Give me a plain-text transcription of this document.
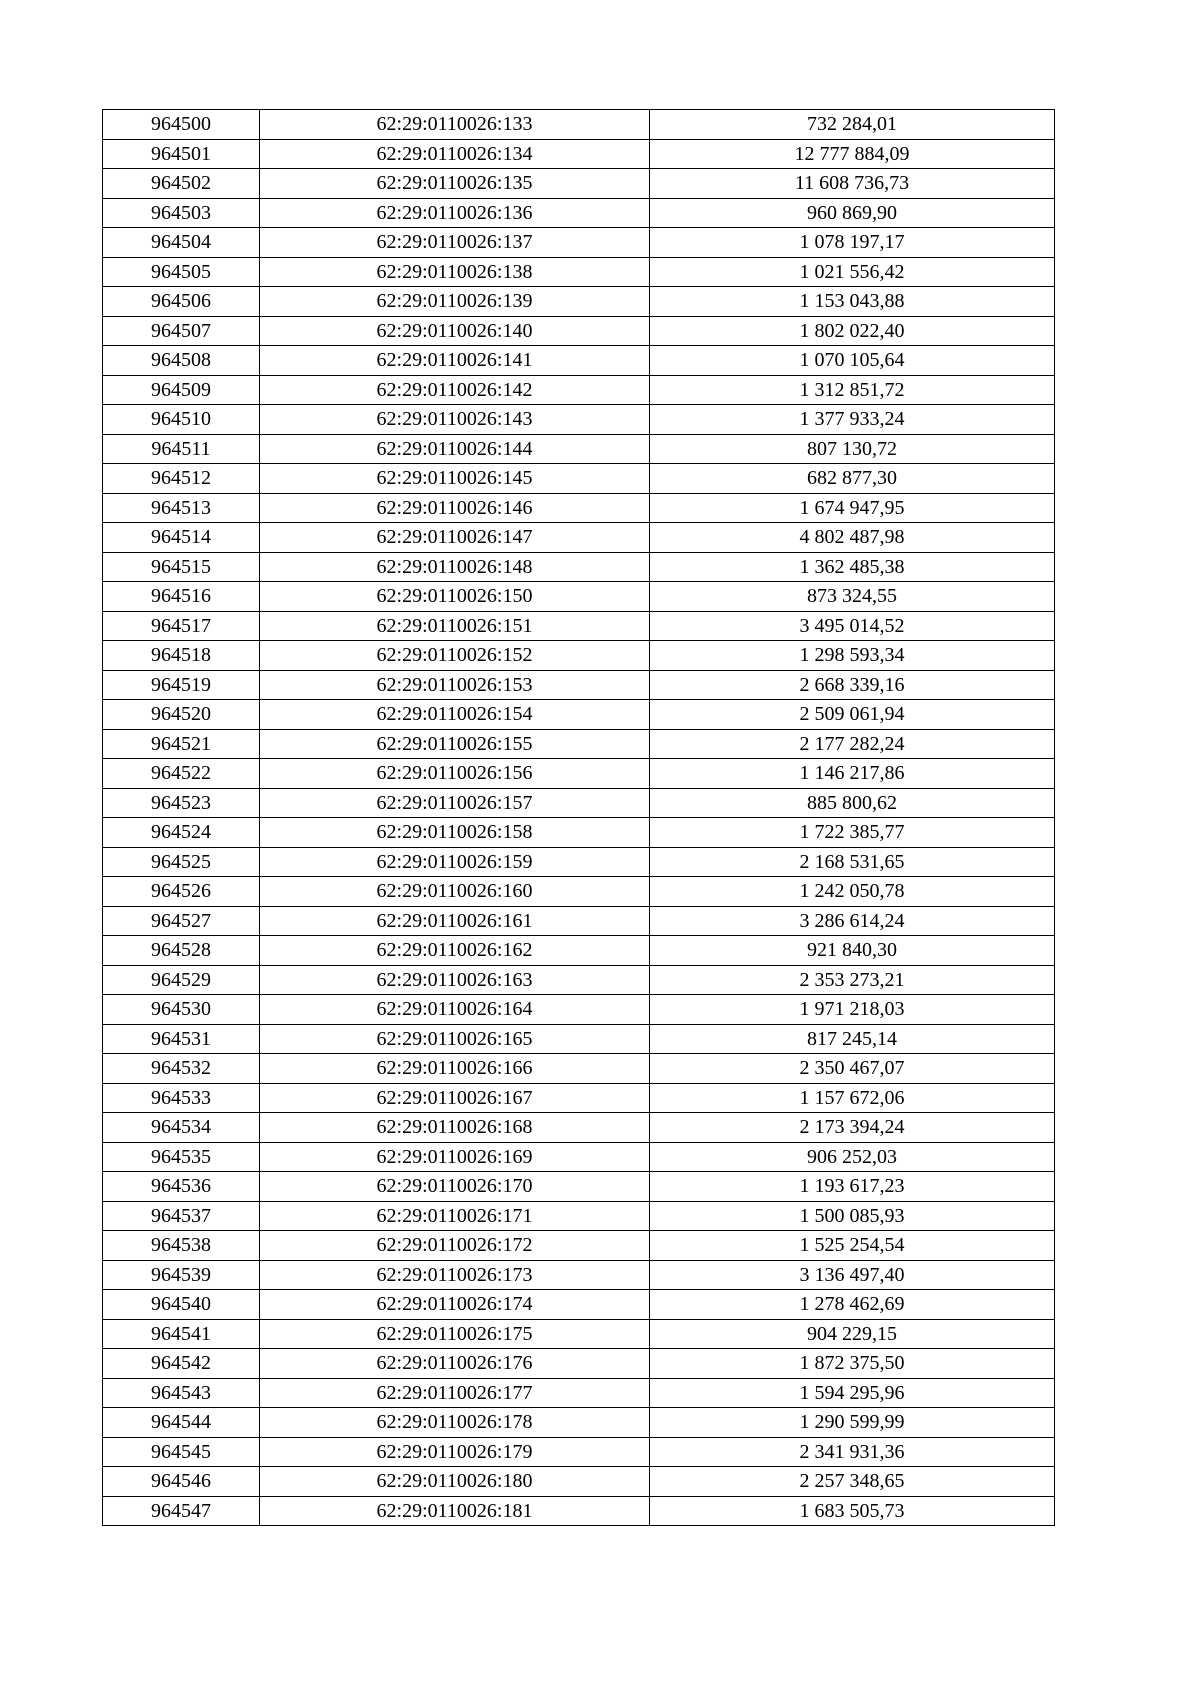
964500	62:29:0110026:133	732 284,01
964501	62:29:0110026:134	12 777 884,09
964502	62:29:0110026:135	11 608 736,73
964503	62:29:0110026:136	960 869,90
964504	62:29:0110026:137	1 078 197,17
964505	62:29:0110026:138	1 021 556,42
964506	62:29:0110026:139	1 153 043,88
964507	62:29:0110026:140	1 802 022,40
964508	62:29:0110026:141	1 070 105,64
964509	62:29:0110026:142	1 312 851,72
964510	62:29:0110026:143	1 377 933,24
964511	62:29:0110026:144	807 130,72
964512	62:29:0110026:145	682 877,30
964513	62:29:0110026:146	1 674 947,95
964514	62:29:0110026:147	4 802 487,98
964515	62:29:0110026:148	1 362 485,38
964516	62:29:0110026:150	873 324,55
964517	62:29:0110026:151	3 495 014,52
964518	62:29:0110026:152	1 298 593,34
964519	62:29:0110026:153	2 668 339,16
964520	62:29:0110026:154	2 509 061,94
964521	62:29:0110026:155	2 177 282,24
964522	62:29:0110026:156	1 146 217,86
964523	62:29:0110026:157	885 800,62
964524	62:29:0110026:158	1 722 385,77
964525	62:29:0110026:159	2 168 531,65
964526	62:29:0110026:160	1 242 050,78
964527	62:29:0110026:161	3 286 614,24
964528	62:29:0110026:162	921 840,30
964529	62:29:0110026:163	2 353 273,21
964530	62:29:0110026:164	1 971 218,03
964531	62:29:0110026:165	817 245,14
964532	62:29:0110026:166	2 350 467,07
964533	62:29:0110026:167	1 157 672,06
964534	62:29:0110026:168	2 173 394,24
964535	62:29:0110026:169	906 252,03
964536	62:29:0110026:170	1 193 617,23
964537	62:29:0110026:171	1 500 085,93
964538	62:29:0110026:172	1 525 254,54
964539	62:29:0110026:173	3 136 497,40
964540	62:29:0110026:174	1 278 462,69
964541	62:29:0110026:175	904 229,15
964542	62:29:0110026:176	1 872 375,50
964543	62:29:0110026:177	1 594 295,96
964544	62:29:0110026:178	1 290 599,99
964545	62:29:0110026:179	2 341 931,36
964546	62:29:0110026:180	2 257 348,65
964547	62:29:0110026:181	1 683 505,73
